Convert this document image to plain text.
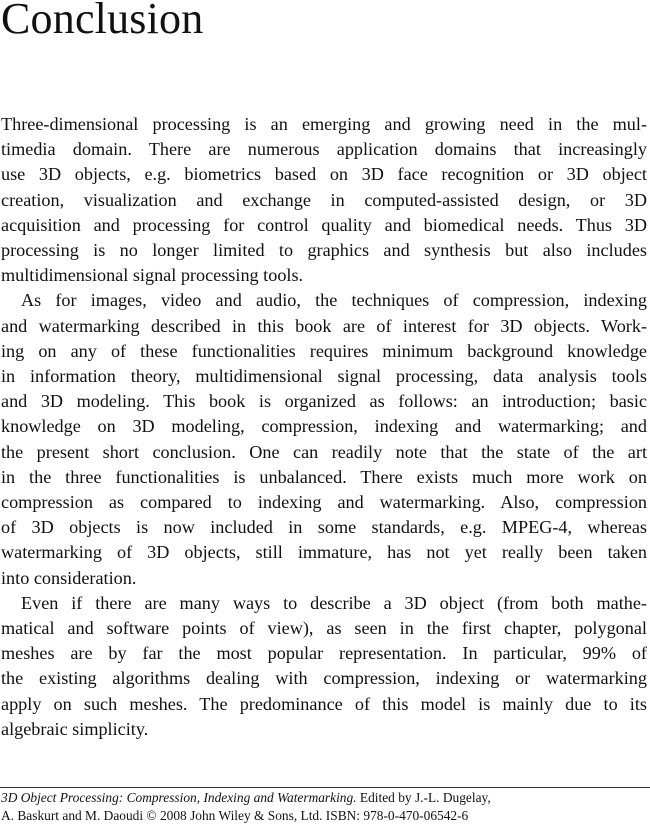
Conclusion

Three-dimensional processing is an emerging and growing need in the mul-
timedia domain. There are numerous application domains that increasingly
use 3D objects, e.g. biometrics based on 3D face recognition or 3D object
creation, visualization and exchange in computed-assisted design, or 3D
acquisition and processing for control quality and biomedical needs. Thus 3D
processing is no longer limited to graphics and synthesis but also includes
multidimensional signal processing tools.

As for images, video and audio, the techniques of compression, indexing
and watermarking described in this book are of interest for 3D objects. Work-
ing on any of these functionalities requires minimum background knowledge
in information theory, multidimensional signal processing, data analysis tools
and 3D modeling. This book is organized as follows: an introduction; basic
knowledge on 3D modeling, compression, indexing and watermarking; and
the present short conclusion. One can readily note that the state of the art
in the three functionalities is unbalanced. There exists much more work on
compression as compared to indexing and watermarking. Also, compression
of 3D objects is now included in some standards, e.g. MPEG-4, whereas
watermarking of 3D objects, still immature, has not yet really been taken
into consideration.

Even if there are many ways to describe a 3D object (from both mathe-
matical and software points of view), as seen in the first chapter, polygonal
meshes are by far the most popular representation. In particular, 99% of
the existing algorithms dealing with compression, indexing or watermarking
apply on such meshes. The predominance of this model is mainly due to its
algebraic simplicity.

3D Object Processing: Compression, Indexing and Watermarking. Edited by J.-L. Dugelay,
A. Baskurt and M. Daoudi © 2008 John Wiley & Sons, Ltd. ISBN: 978-0-470-06542-6
